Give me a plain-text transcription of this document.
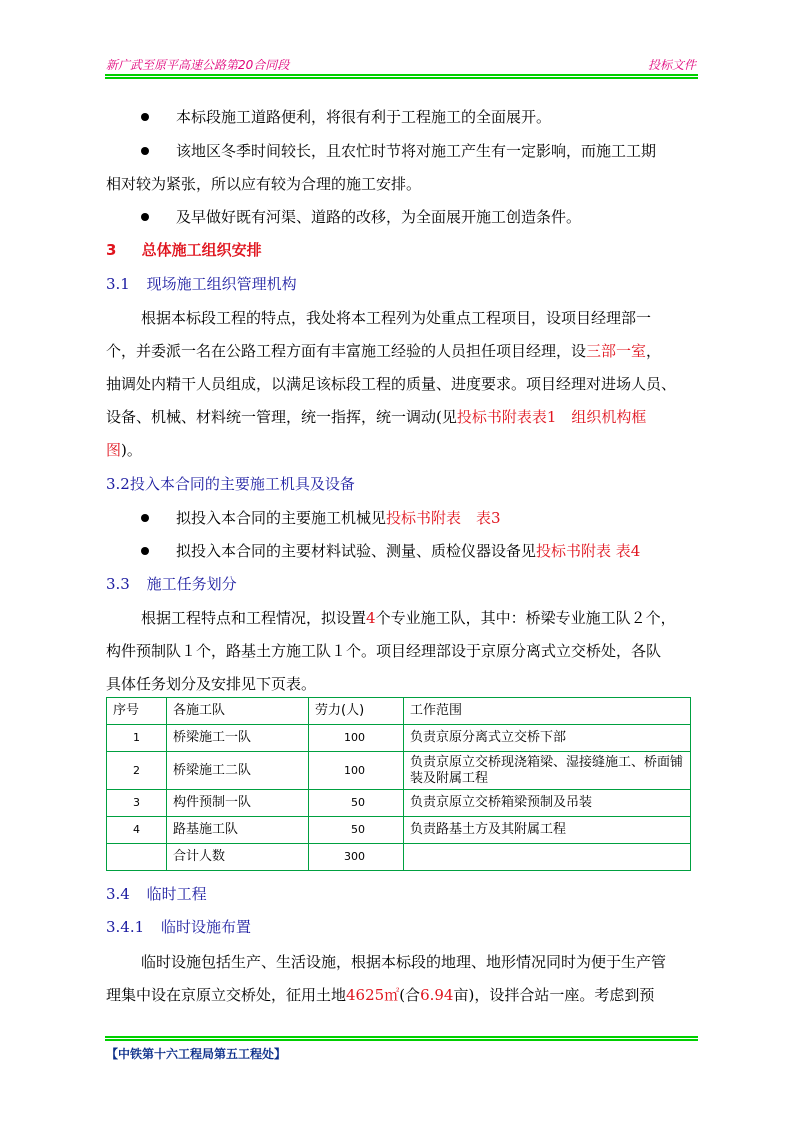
新广武至原平高速公路第20合同段	投标文件
本标段施工道路便利，将很有利于工程施工的全面展开。
该地区冬季时间较长，且农忙时节将对施工产生有一定影响，而施工工期
相对较为紧张，所以应有较为合理的施工安排。
及早做好既有河渠、道路的改移，为全面展开施工创造条件。
3 总体施工组织安排
3.1 现场施工组织管理机构
根据本标段工程的特点，我处将本工程列为处重点工程项目，设项目经理部一
个，并委派一名在公路工程方面有丰富施工经验的人员担任项目经理，设三部一室，
抽调处内精干人员组成，以满足该标段工程的质量、进度要求。项目经理对进场人员、
设备、机械、材料统一管理，统一指挥，统一调动(见投标书附表表1　组织机构框
图)。
3.2投入本合同的主要施工机具及设备
拟投入本合同的主要施工机械见投标书附表　表3
拟投入本合同的主要材料试验、测量、质检仪器设备见投标书附表 表4
3.3 施工任务划分
根据工程特点和工程情况，拟设置4个专业施工队，其中：桥梁专业施工队２个，
构件预制队１个，路基土方施工队１个。项目经理部设于京原分离式立交桥处，各队
具体任务划分及安排见下页表。
序号	各施工队	劳力(人)	工作范围
1	桥梁施工一队	100	负责京原分离式立交桥下部
2	桥梁施工二队	100	负责京原立交桥现浇箱梁、湿接缝施工、桥面铺装及附属工程
3	构件预制一队	50	负责京原立交桥箱梁预制及吊装
4	路基施工队	50	负责路基土方及其附属工程
	合计人数	300	
3.4 临时工程
3.4.1 临时设施布置
临时设施包括生产、生活设施，根据本标段的地理、地形情况同时为便于生产管
理集中设在京原立交桥处，征用土地4625㎡(合6.94亩)，设拌合站一座。考虑到预
【中铁第十六工程局第五工程处】
